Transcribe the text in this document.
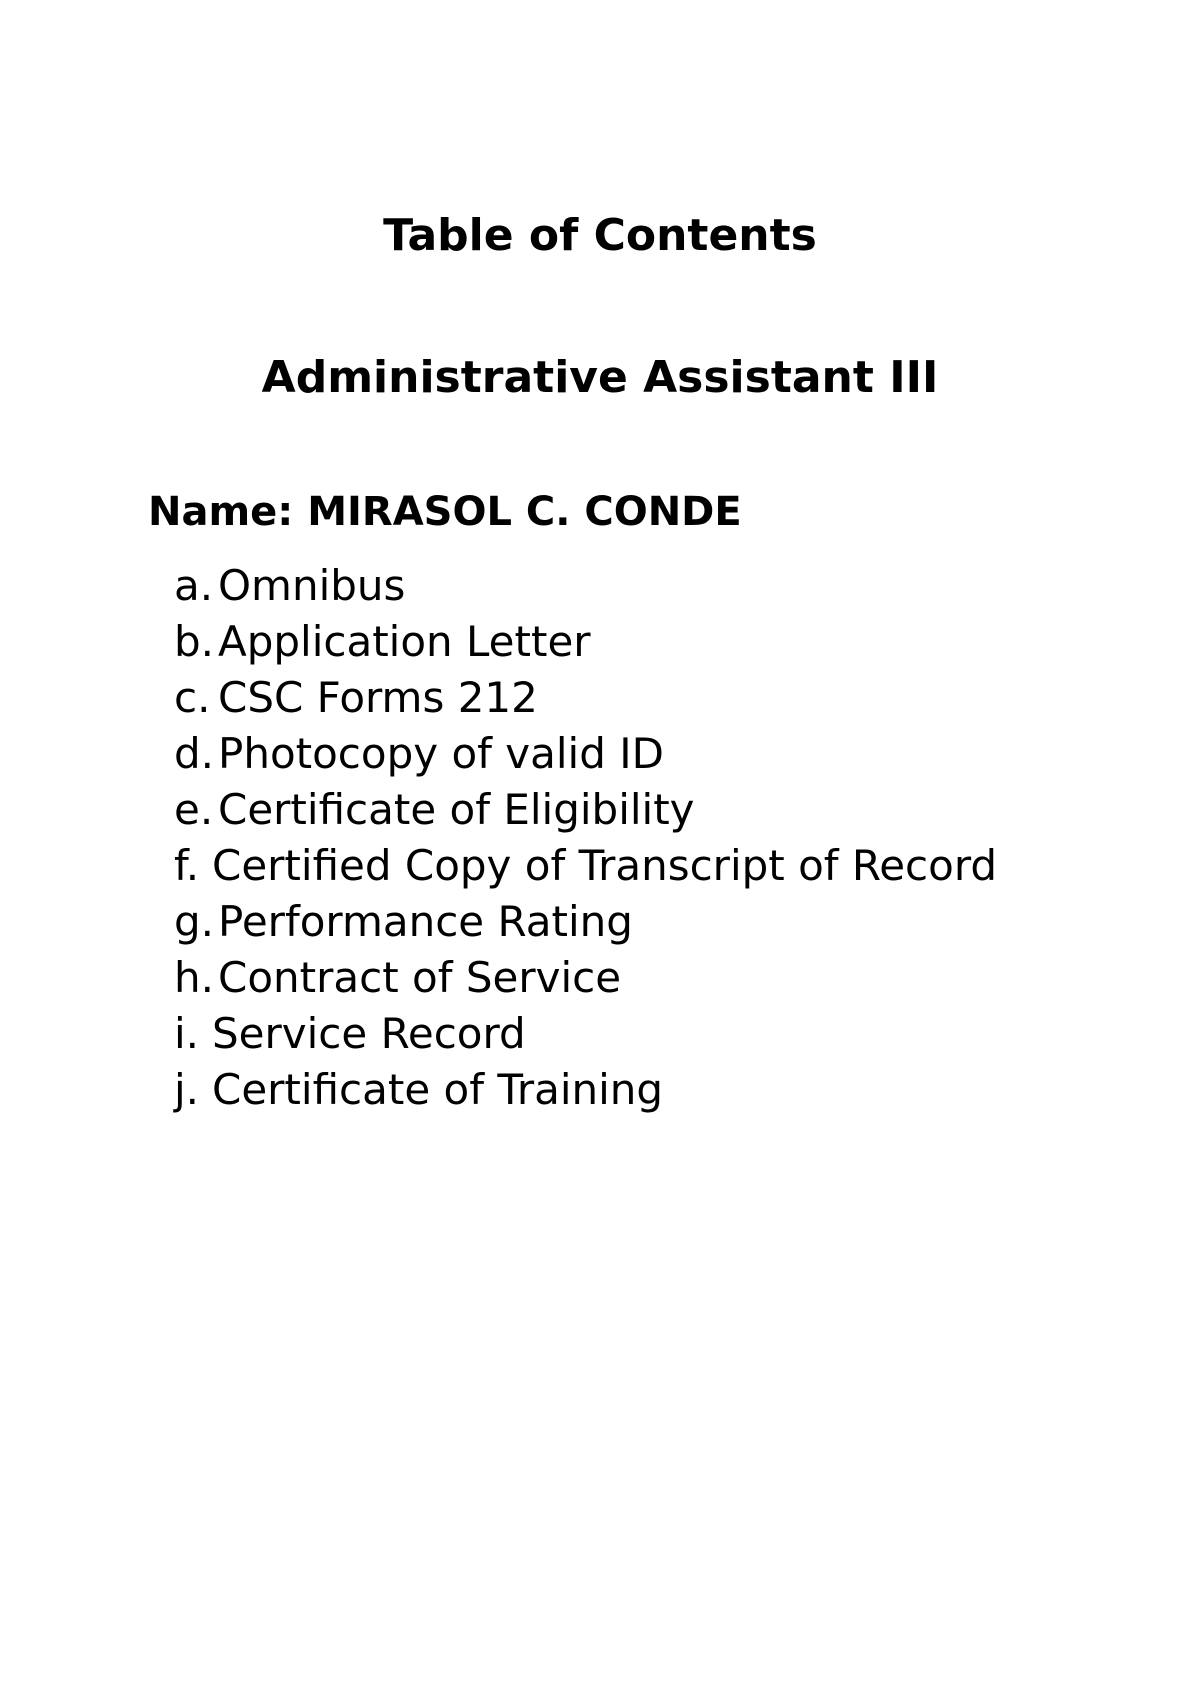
Table of Contents
Administrative Assistant III
Name: MIRASOL C. CONDE
a. Omnibus
b. Application Letter
c. CSC Forms 212
d. Photocopy of valid ID
e. Certificate of Eligibility
f. Certified Copy of Transcript of Record
g. Performance Rating
h. Contract of Service
i. Service Record
j. Certificate of Training
